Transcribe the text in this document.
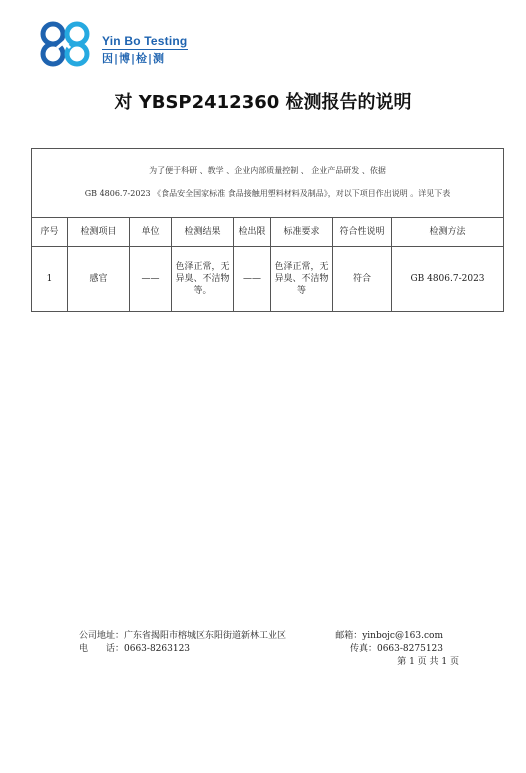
Yin Bo Testing
因|博|检|测
对 YBSP2412360 检测报告的说明
为了便于科研 、教学 、企业内部质量控制 、 企业产品研发 、依据
GB 4806.7-2023 《食品安全国家标准 食品接触用塑料材料及制品》，对以下项目作出说明 。详见下表							

序号	检测项目	单位	检测结果	检出限	标准要求	符合性说明	检测方法
1	感官	——	色泽正常，无异臭、不洁物等。	——	色泽正常，无异臭、不洁物等	符合	GB 4806.7-2023
公司地址：广东省揭阳市榕城区东阳街道新林工业区	邮箱：yinbojc@163.com
电　　话：0663-8263123	传真：0663-8275123
第 1 页 共 1 页
